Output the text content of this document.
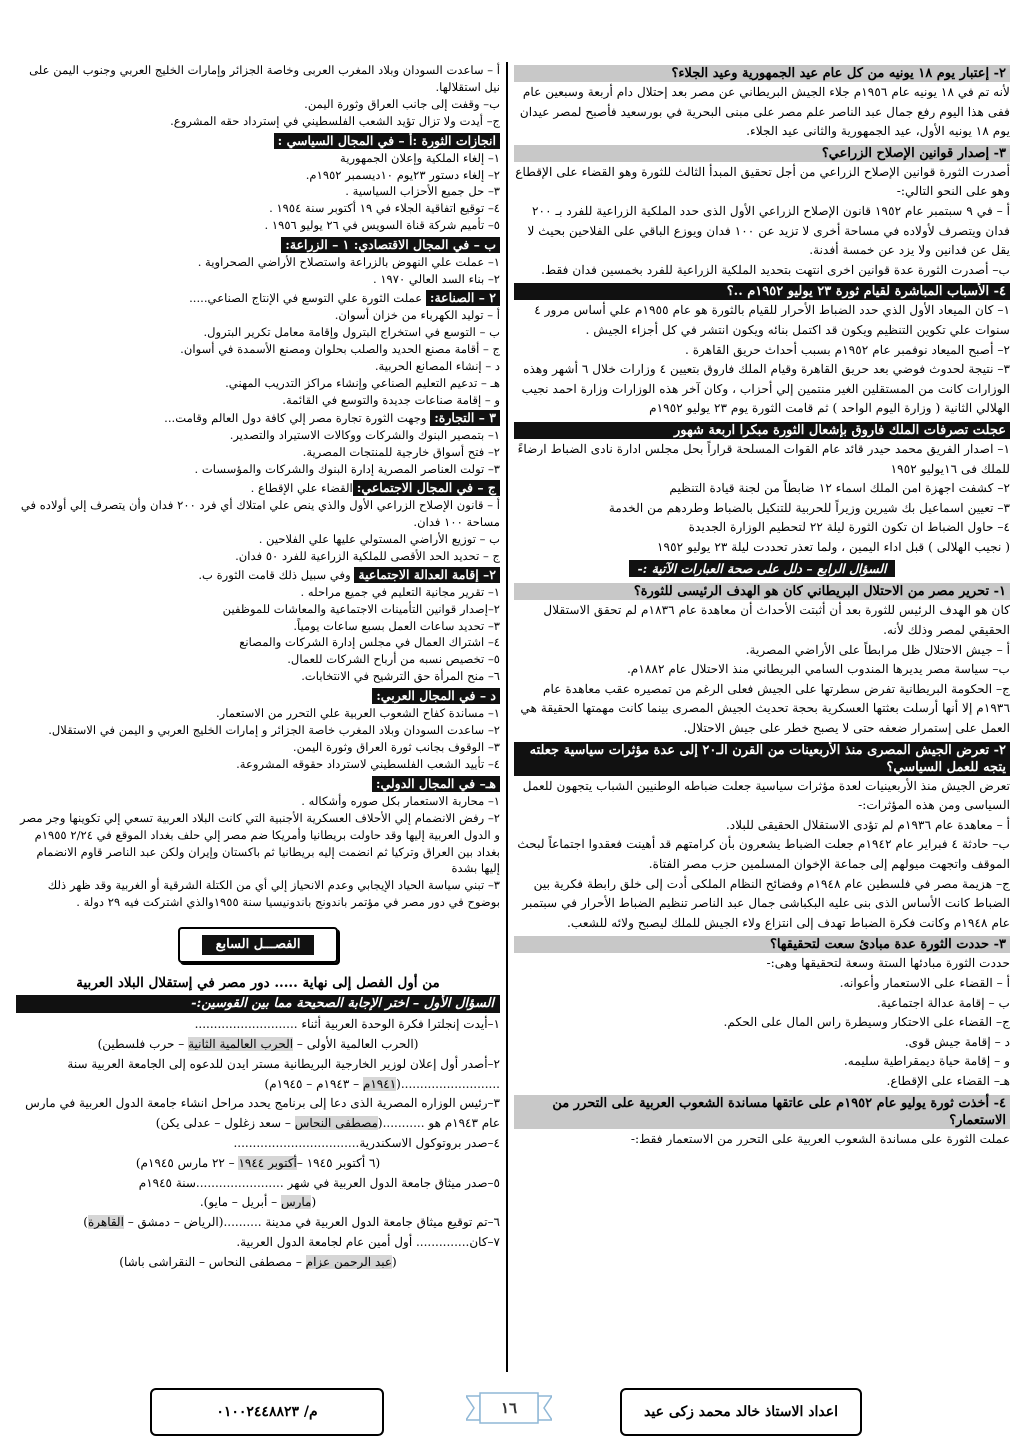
٢- إعتبار يوم ١٨ يونيه من كل عام عيد الجمهورية وعيد الجلاء؟

لأنه تم في ١٨ يونيه عام ١٩٥٦م جلاء الجيش البريطاني عن مصر بعد إحتلال دام أربعة وسبعين عام ففى هذا اليوم رفع جمال عبد الناصر علم مصر على مبنى البحرية في بورسعيد فأصبح لمصر عيدان يوم ١٨ يونيه الأول، عيد الجمهورية والثانى عيد الجلاء.

٣- إصدار قوانين الإصلاح الزراعي؟

أصدرت الثورة قوانين الإصلاح الزراعي من أجل تحقيق المبدأ الثالث للثورة وهو القضاء على الإقطاع وهو على النحو التالي:-

أ – في ٩ سبتمبر عام ١٩٥٢ قانون الإصلاح الزراعي الأول الذى حدد الملكية الزراعية للفرد بـ ٢٠٠ فدان ويتصرف لأولاده في مساحة أخرى لا تزيد عن ١٠٠ فدان ويوزع الباقي على الفلاحين بحيث لا يقل عن فدانين ولا يزد عن خمسة أفدنة.

ب– أصدرت الثورة عدة قوانين اخرى انتهت بتحديد الملكية الزراعية للفرد بخمسين فدان فقط.

٤- الأسباب المباشرة لقيام ثورة ٢٣ يوليو ١٩٥٢م ..؟

١– كان الميعاد الأول الذي حدد الضباط الأحرار للقيام بالثورة هو عام ١٩٥٥م علي أساس مرور ٤ سنوات علي تكوين التنظيم ويكون قد اكتمل بنائه ويكون انتشر في كل أجزاء الجيش .

٢– أصبح الميعاد نوفمبر عام ١٩٥٢م بسبب أحداث حريق القاهرة .

٣– نتيجة لحدوث فوضي بعد حريق القاهرة وقيام الملك فاروق بتعيين ٤ وزارات خلال ٦ أشهر وهذه الوزارات كانت من المستقلين الغير منتمين إلي أحزاب ، وكان آخر هذه الوزارات وزارة احمد نجيب الهلالي الثانية ( وزارة اليوم الواحد ) ثم قامت الثورة يوم ٢٣ يوليو ١٩٥٢م

عجلت تصرفات الملك فاروق بإشعال الثورة مبكرا اربعة شهور

١– اصدار الفريق محمد حيدر قائد عام القوات المسلحة قراراً بحل مجلس ادارة نادى الضباط ارضاءً للملك فى ١٦يوليو ١٩٥٢

٢– كشفت اجهزة امن الملك اسماء ١٢ ضابطاً من لجنة قيادة التنظيم

٣– تعيين اسماعيل بك شيرين وزيراً للحربية للتنكيل بالضباط وطردهم من الخدمة

٤– حاول الضباط ان تكون الثورة ليلة ٢٢ لتحطيم الوزارة الجديدة

( نجيب الهلالى ) قبل اداء اليمين ، ولما تعذر تحددت ليلة ٢٣ يوليو ١٩٥٢

السؤال الرابع – دلل على صحة العبارات الآتية :-
١- تحرير مصر من الاحتلال البريطاني كان هو الهدف الرئيسى للثورة؟

كان هو الهدف الرئيس للثورة بعد أن أثبتت الأحداث أن معاهدة عام ١٨٣٦م لم تحقق الاستقلال الحقيقي لمصر وذلك لأنه.

أ – جيش الاحتلال ظل مرابطاً على الأراضي المصرية.

ب– سياسة مصر يديرها المندوب السامي البريطاني منذ الاحتلال عام ١٨٨٢م.

ج– الحكومة البريطانية تفرض سطرتها على الجيش فعلى الرغم من تمصيره عقب معاهدة عام ١٩٣٦م إلا أنها أرسلت بعثتها العسكرية بحجة تحديث الجيش المصرى بينما كانت مهمتها الحقيقة هي العمل على إستمرار ضعفه حتى لا يصبح خطر على جيش الاحتلال.

٢- تعرض الجيش المصرى منذ الأربعينات من القرن الـ٢٠ إلى عدة مؤثرات سياسية جعلته يتجه للعمل السياسي؟

تعرض الجيش منذ الأربعينيات لعدة مؤثرات سياسية جعلت ضباطه الوطنيين الشباب يتجهون للعمل السياسى ومن هذه المؤثرات:-

أ – معاهدة عام ١٩٣٦م لم تؤدى الاستقلال الحقيقى للبلاد.

ب– حادثة ٤ فبراير عام ١٩٤٢م جعلت الضباط يشعرون بأن كرامتهم قد أهينت فعقدوا اجتماعاً لبحث الموقف واتجهت ميولهم إلى جماعة الإخوان المسلمين حزب مصر الفتاة.

ج– هزيمة مصر في فلسطين عام ١٩٤٨م وفضائح النظام الملكى أدت إلى خلق رابطة فكرية بين الضباط كانت الأساس الذى بنى عليه البكباشى جمال عبد الناصر تنظيم الضباط الأحرار في سبتمبر عام ١٩٤٨م وكانت فكرة الضباط تهدف إلى انتزاع ولاء الجيش للملك ليصبح ولائه للشعب.

٣- حددت الثورة عدة مبادئ سعت لتحقيقها؟

حددت الثورة مبادئها الستة وسعة لتحقيقها وهى:-

أ – القضاء على الاستعمار وأعوانه.

ب – إقامة عدالة اجتماعية.

ج– القضاء على الاحتكار وسيطرة راس المال على الحكم.

د – إقامة جيش قوى.

و – إقامة حياة ديمقراطية سليمه.

هـ– القضاء على الإقطاع.

٤- أخذت ثورة يوليو عام ١٩٥٢م على عاتقها مساندة الشعوب العربية على التحرر من الاستعمار؟

عملت الثورة على مساندة الشعوب العربية على التحرر من الاستعمار فقط:-

أ – ساعدت السودان وبلاد المغرب العربى وخاصة الجزائر وإمارات الخليج العربي وجنوب اليمن على نيل استقلالها.

ب– وقفت إلى جانب العراق وثورة اليمن.

ج– أيدت ولا تزال تؤيد الشعب الفلسطيني في إسترداد حقه المشروع.

انجازات الثورة :أ – في المجال السياسي :

١– إلغاء الملكية وإعلان الجمهورية

٢– إلغاء دستور ٢٣يوم ١٠ديسمبر ١٩٥٢م.

٣– حل جميع الأحزاب السياسية .

٤– توقيع اتفاقية الجلاء في ١٩ أكتوبر سنة ١٩٥٤ .

٥– تأميم شركة قناة السويس في ٢٦ يوليو ١٩٥٦ .

ب – في المجال الاقتصادي: ١ – الزراعة:

١– عملت علي النهوض بالزراعة واستصلاح الأراضي الصحراوية .

٢– بناء السد العالي ١٩٧٠ .

٢ – الصناعة: عملت الثورة علي التوسع في الإنتاج الصناعي.....

أ – توليد الكهرباء من خزان أسوان.

ب – التوسع في استخراج البترول وإقامة معامل تكرير البترول.

ج – أقامة مصنع الحديد والصلب بحلوان ومصنع الأسمدة في أسوان.

د – إنشاء المصانع الحربية.

هـ – تدعيم التعليم الصناعي وإنشاء مراكز التدريب المهني.

و – إقامة صناعات جديدة والتوسع في القائمة.

٣ – التجارة: وجهت الثورة تجارة مصر إلي كافة دول العالم وقامت...

١– بتمصير البنوك والشركات ووكالات الاستيراد والتصدير.

٢– فتح أسواق خارجية للمنتجات المصرية.

٣– تولت العناصر المصرية إدارة البنوك والشركات والمؤسسات .

ج – في المجال الاجتماعي:القضاء علي الإقطاع .

أ – قانون الإصلاح الزراعي الأول والذي ينص علي امتلاك أي فرد ٢٠٠ فدان وأن يتصرف إلي أولاده في مساحة ١٠٠ فدان.

ب – توزيع الأراضي المستولي عليها علي الفلاحين .

ج – تحديد الحد الأقصى للملكية الزراعية للفرد ٥٠ فدان.

٢– إقامة العدالة الاجتماعية وفي سبيل ذلك قامت الثورة ب.

١– تقرير مجانية التعليم في جميع مراحله .

٢–إصدار قوانين التأمينات الاجتماعية والمعاشات للموظفين

٣– تحديد ساعات العمل بسبع ساعات يومياً.

٤– اشتراك العمال في مجلس إدارة الشركات والمصانع

٥– تخصيص نسبه من أرباح الشركات للعمال.

٦– منح المرأة حق الترشيح في الانتخابات.

د – في المجال العربي:

١– مساندة كفاح الشعوب العربية علي التحرر من الاستعمار.

٢– ساعدت السودان وبلاد المغرب خاصة الجزائر و إمارات الخليج العربي و اليمن في الاستقلال.

٣– الوقوف بجانب ثورة العراق وثورة اليمن.

٤– تأييد الشعب الفلسطيني لاسترداد حقوقه المشروعة.

هـ– في المجال الدولي:

١– محاربة الاستعمار بكل صوره وأشكاله .

٢– رفض الانضمام إلي الأحلاف العسكرية الأجنبية التي كانت البلاد العربية تسعي إلي تكوينها وجر مصر و الدول العربية إليها وقد حاولت بريطانيا وأمريكا ضم مصر إلي حلف بغداد الموقع في ٢/٢٤ ١٩٥٥م بغداد بين العراق وتركيا ثم انضمت إليه بريطانيا ثم باكستان وإيران ولكن عبد الناصر قاوم الانضمام إليها بشدة

٣– تبني سياسة الحياد الإيجابي وعدم الانحياز إلي أي من الكتلة الشرقية أو الغربية وقد ظهر ذلك بوضوح في دور مصر في مؤتمر باندونج باندونيسيا سنة ١٩٥٥والذي اشتركت فيه ٢٩ دولة .

الفصـــل السابع
من أول الفصل إلى نهاية ..... دور مصر في إستقلال البلاد العربية
السؤال الأول – اختر الإجابة الصحيحة مما بين القوسين:-

١–أيدت إنجلترا فكرة الوحدة العربية أثناء ...........................

(الحرب العالمية الأولى – الحرب العالمية الثانية – حرب فلسطين)

٢–أصدر أول إعلان لوزير الخارجية البريطانية مستر ايدن للدعوه إلى الجامعة العربية سنة ..........................(١٩٤١م – ١٩٤٣م – ١٩٤٥م)

٣–رئيس الوزاره المصرية الذى دعا إلى برنامج يحدد مراحل انشاء جامعة الدول العربية في مارس عام ١٩٤٣م هو ...........(مصطفى النحاس – سعد زغلول – عدلى يكن)

٤–صدر بروتوكول الاسكندرية.................................

(٦ أكتوبر ١٩٤٥ –أكتوبر ١٩٤٤ – ٢٢ مارس ١٩٤٥م)

٥–صدر ميثاق جامعة الدول العربية في شهر .......................سنة ١٩٤٥م

(مارس – أبريل – مايو).

٦–تم توقيع ميثاق جامعة الدول العربية في مدينة ..........(الرياض – دمشق – القاهرة)

٧–كان.............. أول أمين عام لجامعة الدول العربية.

(عبد الرحمن عزام – مصطفى النحاس – النقراشى باشا)

اعداد الاستاذ خالد محمد زكى عيد
١٦
م/ ٠١٠٠٢٤٤٨٨٢٣
